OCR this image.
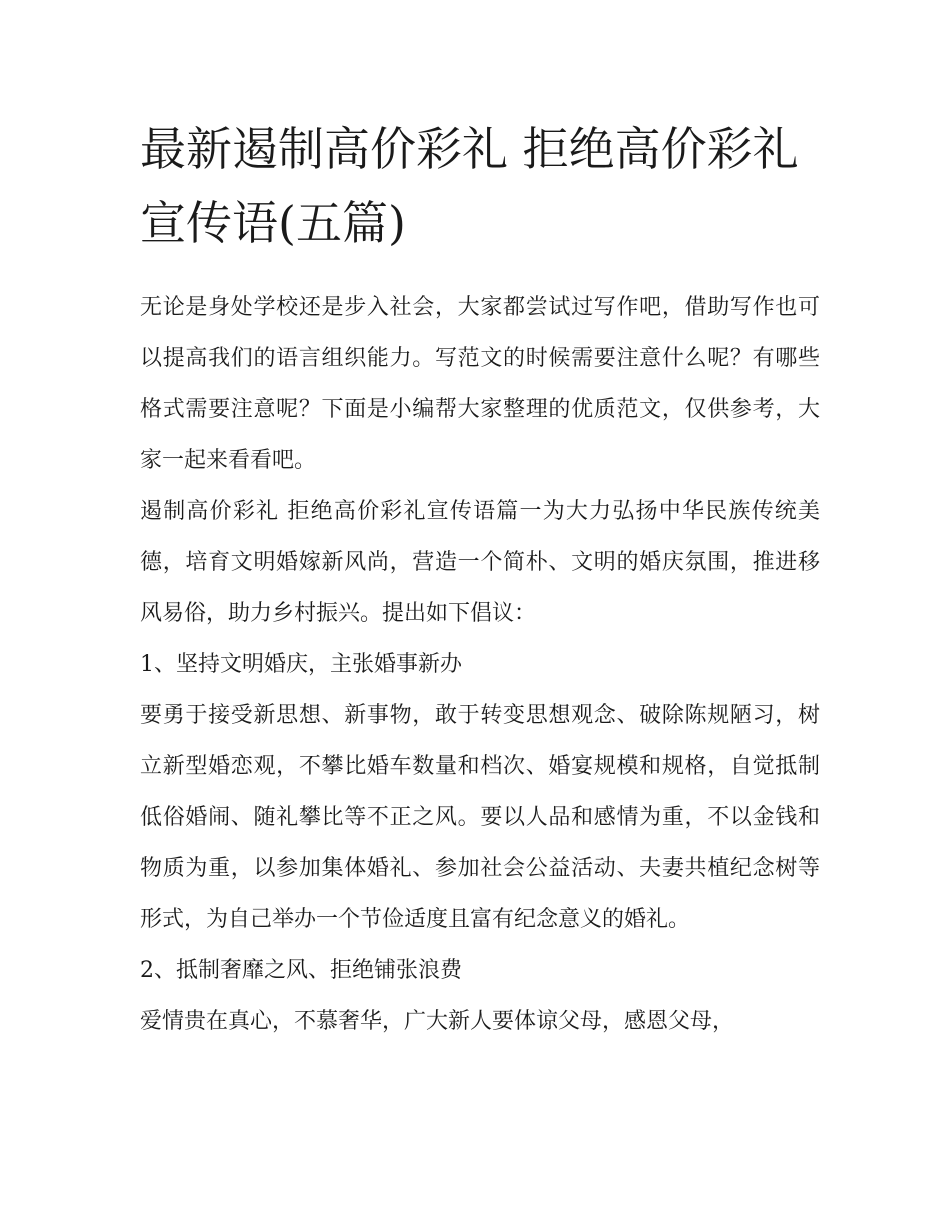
最新遏制高价彩礼 拒绝高价彩礼宣传语(五篇)

无论是身处学校还是步入社会，大家都尝试过写作吧，借助写作也可以提高我们的语言组织能力。写范文的时候需要注意什么呢？有哪些格式需要注意呢？下面是小编帮大家整理的优质范文，仅供参考，大家一起来看看吧。

遏制高价彩礼 拒绝高价彩礼宣传语篇一为大力弘扬中华民族传统美德，培育文明婚嫁新风尚，营造一个简朴、文明的婚庆氛围，推进移风易俗，助力乡村振兴。提出如下倡议：

1、坚持文明婚庆，主张婚事新办

要勇于接受新思想、新事物，敢于转变思想观念、破除陈规陋习，树立新型婚恋观，不攀比婚车数量和档次、婚宴规模和规格，自觉抵制低俗婚闹、随礼攀比等不正之风。要以人品和感情为重，不以金钱和物质为重，以参加集体婚礼、参加社会公益活动、夫妻共植纪念树等形式，为自己举办一个节俭适度且富有纪念意义的婚礼。

2、抵制奢靡之风、拒绝铺张浪费

爱情贵在真心，不慕奢华，广大新人要体谅父母，感恩父母，
